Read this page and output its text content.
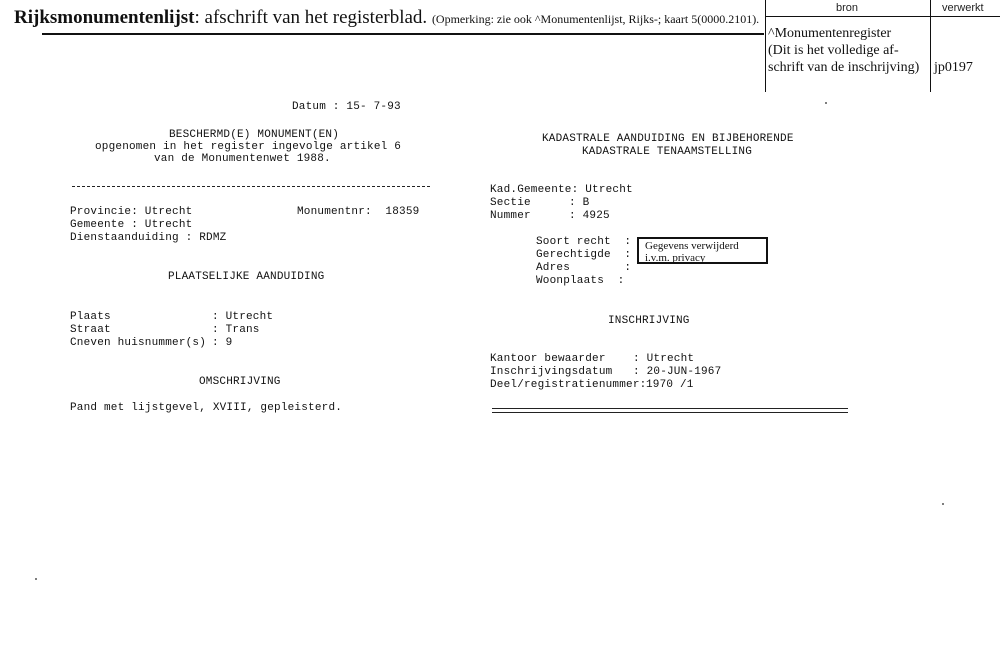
Rijksmonumentenlijst: afschrift van het registerblad. (Opmerking: zie ook ^Monumentenlijst, Rijks-; kaart 5(0000.2101).
bron	verwerkt
^Monumentenregister
(Dit is het volledige af-
schrift van de inschrijving) jp0197
Datum : 15- 7-93
BESCHERMD(E) MONUMENT(EN)
opgenomen in het register ingevolge artikel 6
van de Monumentenwet 1988.
Provincie: Utrecht	Monumentnr:  18359
Gemeente : Utrecht
Dienstaanduiding : RDMZ
PLAATSELIJKE AANDUIDING
Plaats	: Utrecht
Straat	: Trans
Cneven huisnummer(s) : 9
OMSCHRIJVING
Pand met lijstgevel, XVIII, gepleisterd.
KADASTRALE AANDUIDING EN BIJBEHORENDE
KADASTRALE TENAAMSTELLING
Kad.Gemeente: Utrecht
Sectie	: B
Nummer	: 4925
Soort recht  :
Gerechtigde  :
Adres        :
Woonplaats  :
Gegevens verwijderd i.v.m. privacy
INSCHRIJVING
Kantoor bewaarder : Utrecht
Inschrijvingsdatum : 20-JUN-1967
Deel/registratienummer: 1970 /1
